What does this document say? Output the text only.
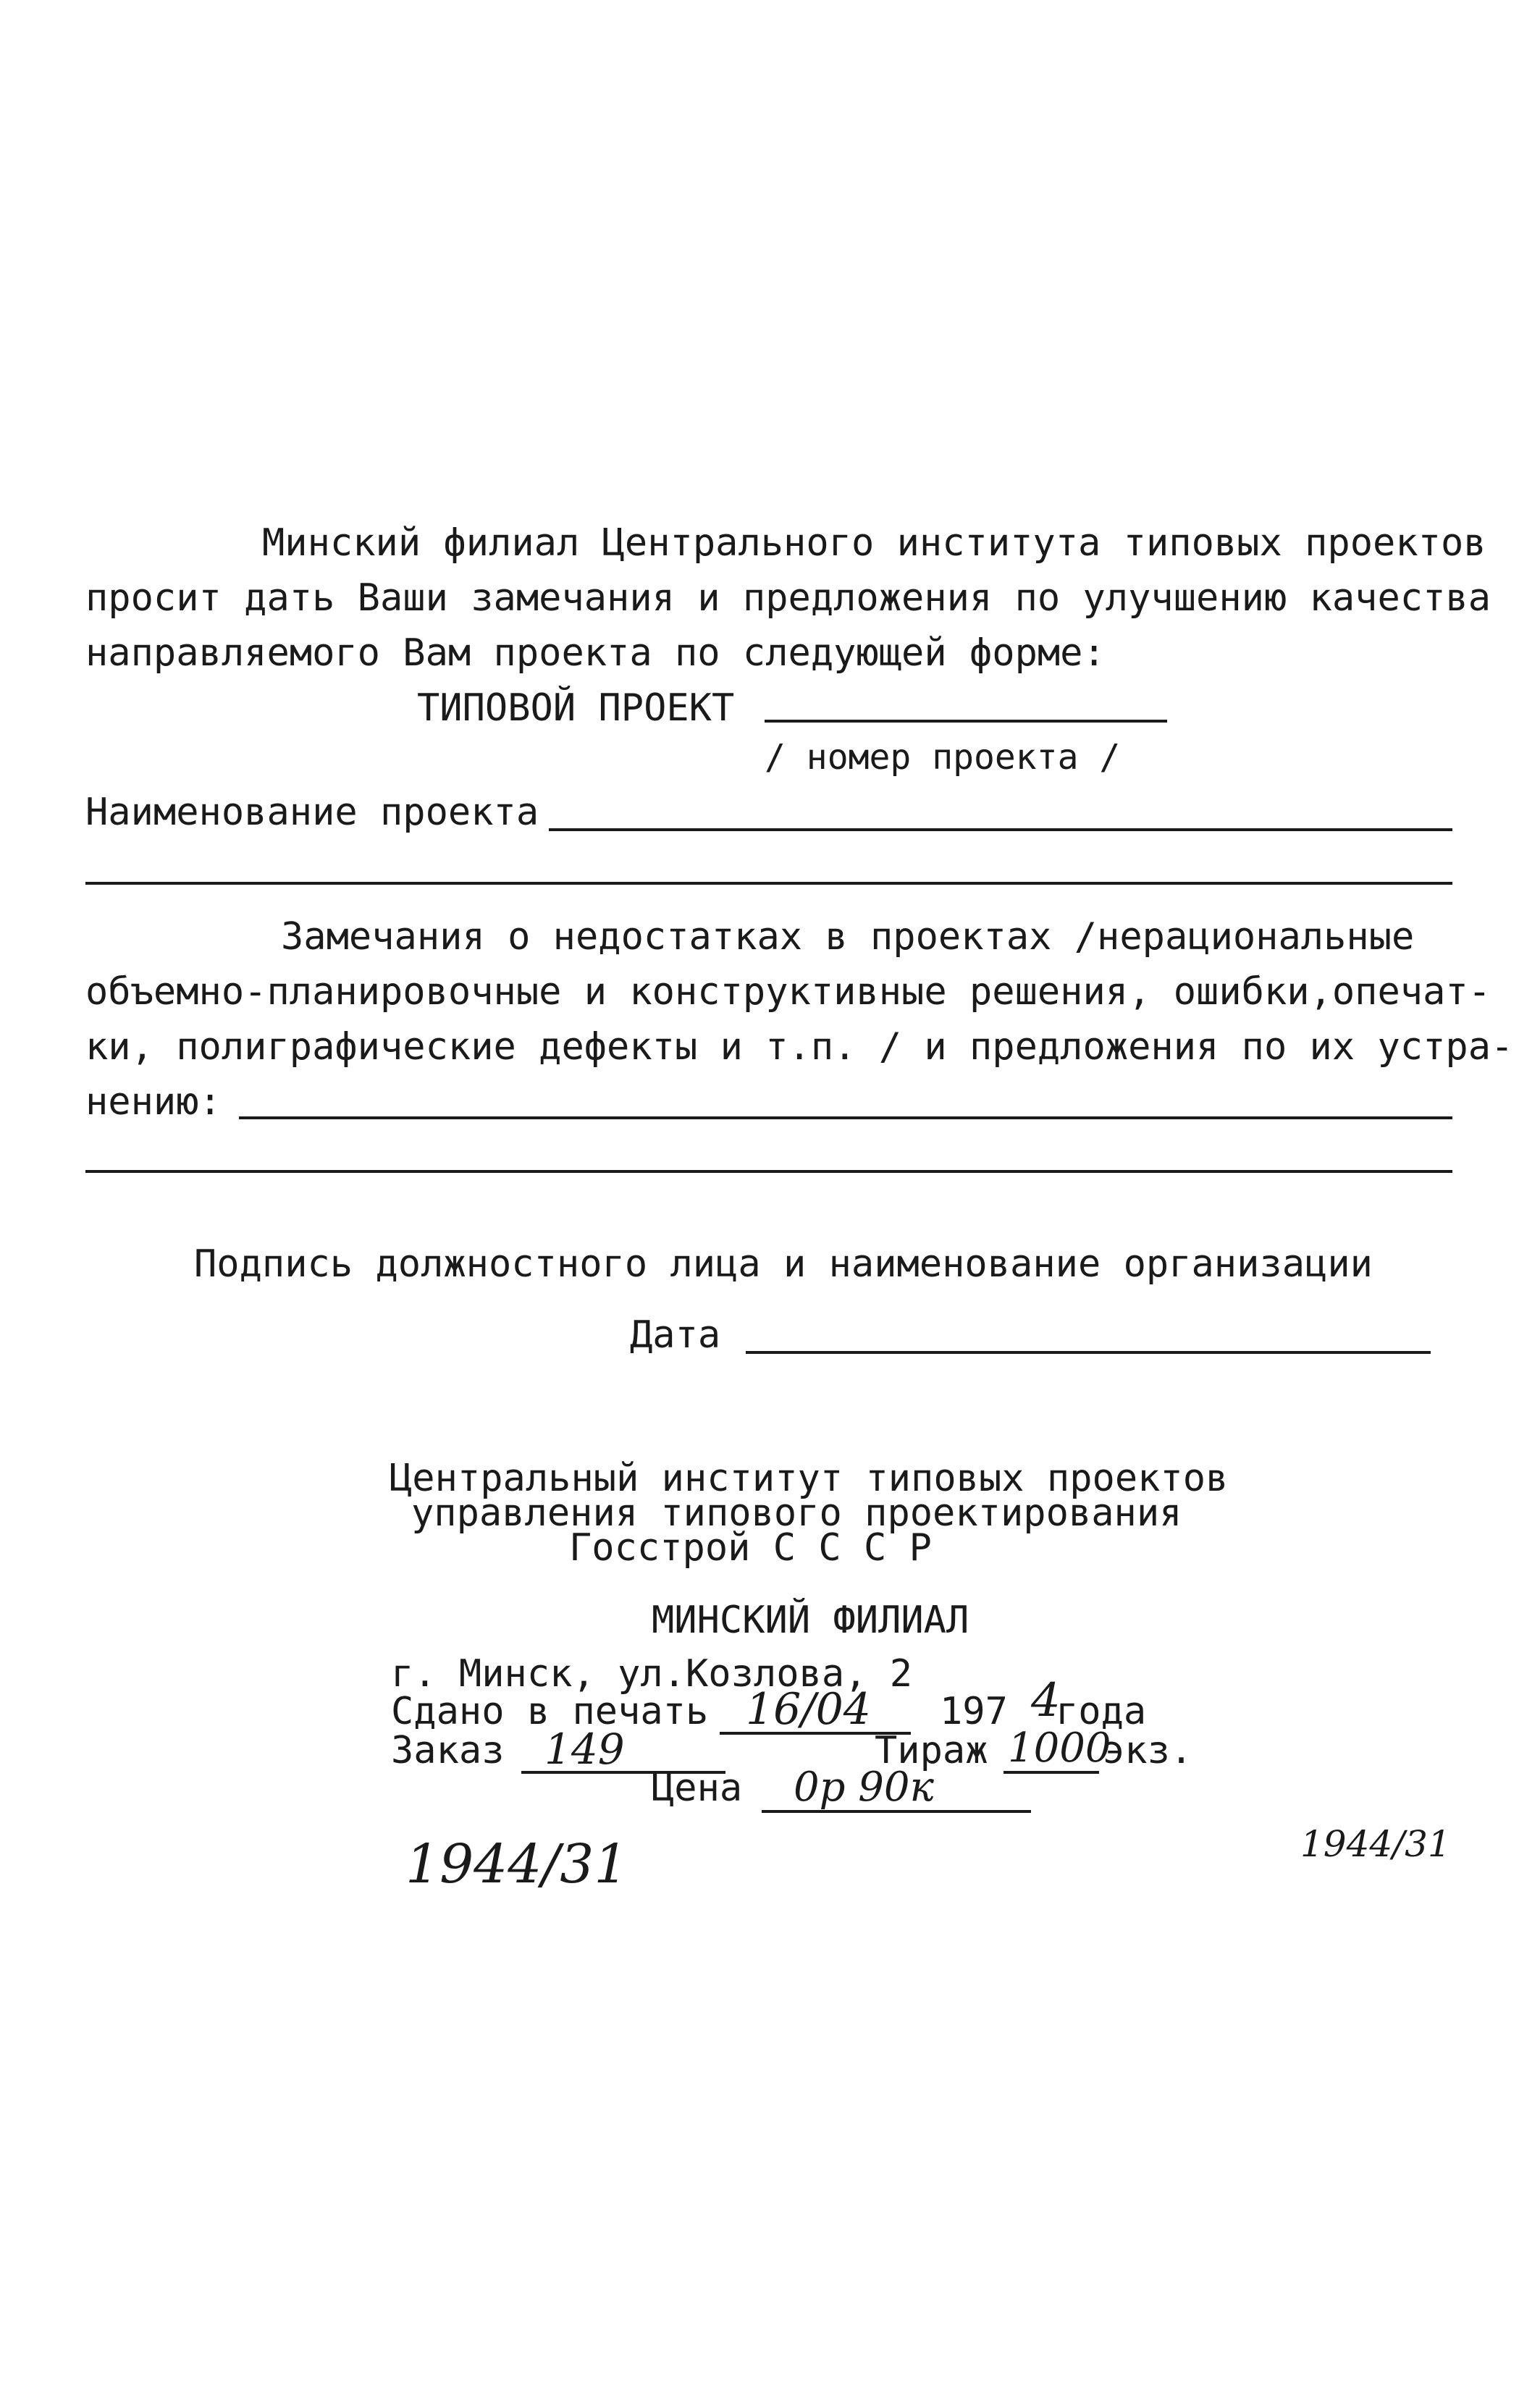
Минский филиал Центрального института типовых проектов
просит дать Ваши замечания и предложения по улучшению качества
направляемого Вам проекта по следующей форме:
ТИПОВОЙ ПРОЕКТ
/ номер проекта /
Наименование проекта
Замечания о недостатках в проектах /нерациональные
объемно-планировочные и конструктивные решения, ошибки,опечат-
ки, полиграфические дефекты и т.п. / и предложения по их устра-
нению:
Подпись должностного лица и наименование организации
Дата
Центральный институт типовых проектов
управления типового проектирования
Госстрой С С С Р
МИНСКИЙ ФИЛИАЛ
г. Минск, ул.Козлова, 2
Сдано в печать 16/04 197 4
года
Заказ 149	Тираж 1000
экз.
Цена 0р 90к
1944/31	1944/31
